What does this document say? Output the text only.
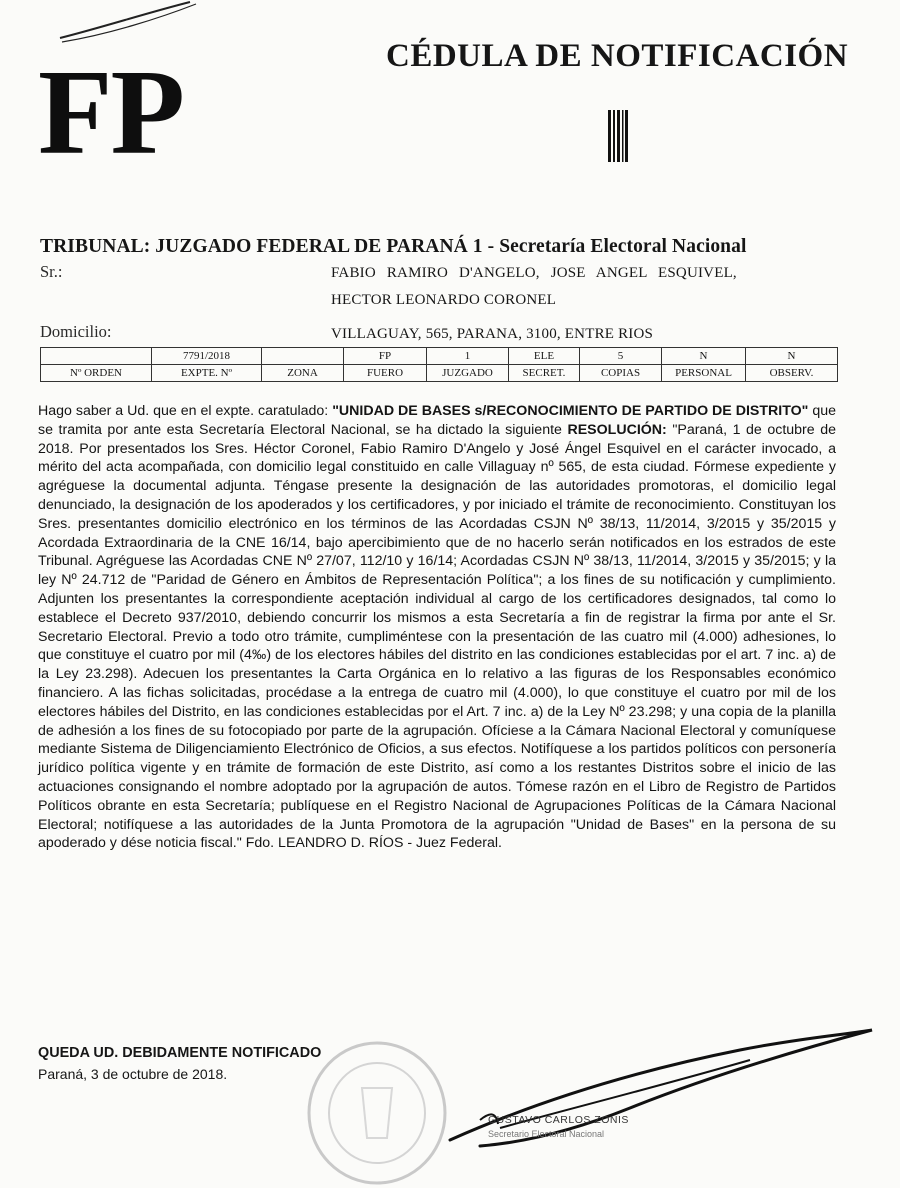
FP	CÉDULA DE NOTIFICACIÓN
TRIBUNAL: JUZGADO FEDERAL DE PARANÁ 1 - Secretaría Electoral Nacional
Sr.:	FABIO RAMIRO D'ANGELO, JOSE ANGEL ESQUIVEL,
HECTOR LEONARDO CORONEL
Domicilio:	VILLAGUAY, 565, PARANA, 3100, ENTRE RIOS
	7791/2018		FP	1	ELE	5	N	N
Nº ORDEN	EXPTE. Nº	ZONA	FUERO	JUZGADO	SECRET.	COPIAS	PERSONAL	OBSERV.
Hago saber a Ud. que en el expte. caratulado: "UNIDAD DE BASES s/RECONOCIMIENTO DE PARTIDO DE DISTRITO" que se tramita por ante esta Secretaría Electoral Nacional, se ha dictado la siguiente RESOLUCIÓN: "Paraná, 1 de octubre de 2018. Por presentados los Sres. Héctor Coronel, Fabio Ramiro D'Angelo y José Ángel Esquivel en el carácter invocado, a mérito del acta acompañada, con domicilio legal constituido en calle Villaguay nº 565, de esta ciudad. Fórmese expediente y agréguese la documental adjunta. Téngase presente la designación de las autoridades promotoras, el domicilio legal denunciado, la designación de los apoderados y los certificadores, y por iniciado el trámite de reconocimiento. Constituyan los Sres. presentantes domicilio electrónico en los términos de las Acordadas CSJN Nº 38/13, 11/2014, 3/2015 y 35/2015 y Acordada Extraordinaria de la CNE 16/14, bajo apercibimiento que de no hacerlo serán notificados en los estrados de este Tribunal. Agréguese las Acordadas CNE Nº 27/07, 112/10 y 16/14; Acordadas CSJN Nº 38/13, 11/2014, 3/2015 y 35/2015; y la ley Nº 24.712 de "Paridad de Género en Ámbitos de Representación Política"; a los fines de su notificación y cumplimiento. Adjunten los presentantes la correspondiente aceptación individual al cargo de los certificadores designados, tal como lo establece el Decreto 937/2010, debiendo concurrir los mismos a esta Secretaría a fin de registrar la firma por ante el Sr. Secretario Electoral. Previo a todo otro trámite, cumpliméntese con la presentación de las cuatro mil (4.000) adhesiones, lo que constituye el cuatro por mil (4‰) de los electores hábiles del distrito en las condiciones establecidas por el art. 7 inc. a) de la Ley 23.298). Adecuen los presentantes la Carta Orgánica en lo relativo a las figuras de los Responsables económico financiero. A las fichas solicitadas, procédase a la entrega de cuatro mil (4.000), lo que constituye el cuatro por mil de los electores hábiles del Distrito, en las condiciones establecidas por el Art. 7 inc. a) de la Ley Nº 23.298; y una copia de la planilla de adhesión a los fines de su fotocopiado por parte de la agrupación. Ofíciese a la Cámara Nacional Electoral y comuníquese mediante Sistema de Diligenciamiento Electrónico de Oficios, a sus efectos. Notifíquese a los partidos políticos con personería jurídico política vigente y en trámite de formación de este Distrito, así como a los restantes Distritos sobre el inicio de las actuaciones consignando el nombre adoptado por la agrupación de autos. Tómese razón en el Libro de Registro de Partidos Políticos obrante en esta Secretaría; publíquese en el Registro Nacional de Agrupaciones Políticas de la Cámara Nacional Electoral; notifíquese a las autoridades de la Junta Promotora de la agrupación "Unidad de Bases" en la persona de su apoderado y dése noticia fiscal." Fdo. LEANDRO D. RÍOS - Juez Federal.
QUEDA UD. DEBIDAMENTE NOTIFICADO
Paraná, 3 de octubre de 2018.
GUSTAVO CARLOS ZONIS
Secretario Electoral Nacional
